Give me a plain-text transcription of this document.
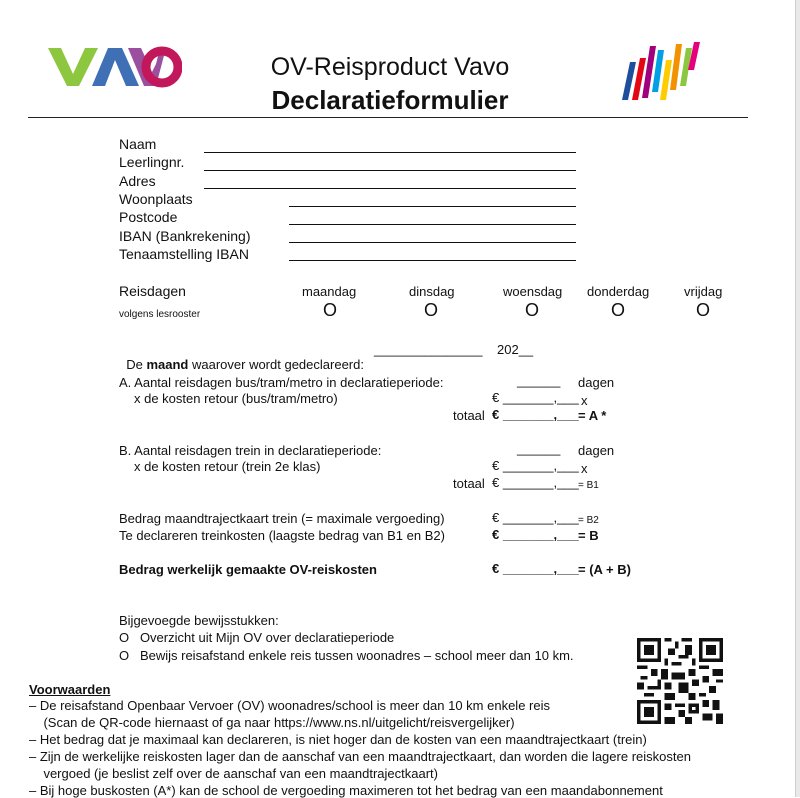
OV-Reisproduct Vavo
Declaratieformulier
Naam
Leerlingnr.
Adres
Woonplaats
Postcode
IBAN (Bankrekening)
Tenaamstelling IBAN
Reisdagen
volgens lesrooster
maandag
O
dinsdag
O
woensdag
O
donderdag
O
vrijdag
O

De maand waarover wordt gedeclareerd:

_______________ 202__
A. Aantal reisdagen bus/tram/metro in declaratieperiode:	______ dagen
x de kosten retour (bus/tram/metro)	€ _______,___ x
totaal € _______,___ = A *
B. Aantal reisdagen trein in declaratieperiode:	______ dagen
x de kosten retour (trein 2e klas)	€ _______,___ x
totaal € _______,___ = B1
Bedrag maandtrajectkaart trein (= maximale vergoeding)	€ _______,___ = B2
Te declareren treinkosten (laagste bedrag van B1 en B2)	€ _______,___ = B
Bedrag werkelijk gemaakte OV-reiskosten	€ _______,___ = (A + B)
Bijgevoegde bewijsstukken:
O   Overzicht uit Mijn OV over declaratieperiode
O   Bewijs reisafstand enkele reis tussen woonadres – school meer dan 10 km.
Voorwaarden
– De reisafstand Openbaar Vervoer (OV) woonadres/school is meer dan 10 km enkele reis
(Scan de QR-code hiernaast of ga naar https://www.ns.nl/uitgelicht/reisvergelijker)
– Het bedrag dat je maximaal kan declareren, is niet hoger dan de kosten van een maandtrajectkaart (trein)
– Zijn de werkelijke reiskosten lager dan de aanschaf van een maandtrajectkaart, dan worden die lagere reiskosten
vergoed (je beslist zelf over de aanschaf van een maandtrajectkaart)
– Bij hoge buskosten (A*) kan de school de vergoeding maximeren tot het bedrag van een maandabonnement
